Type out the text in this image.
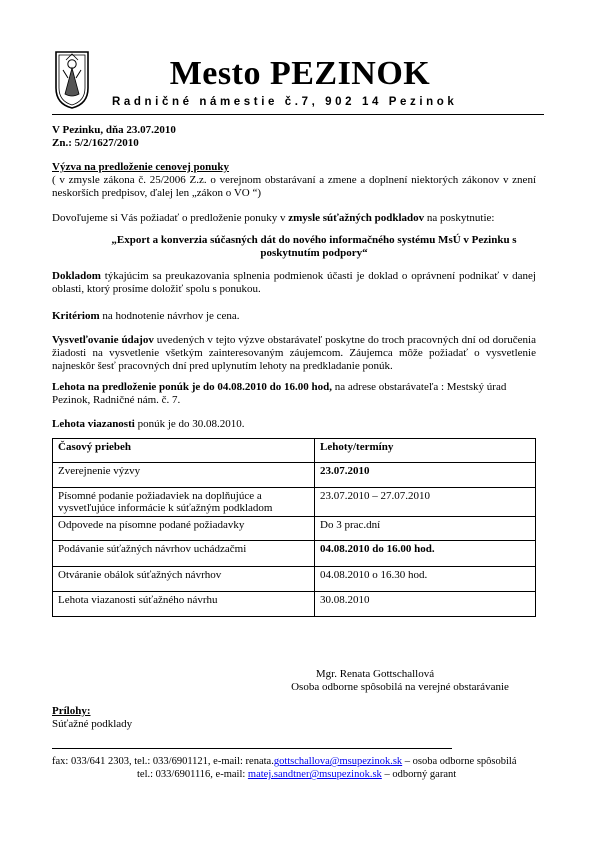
Mesto PEZINOK
Radničné námestie č.7, 902 14 Pezinok
V Pezinku, dňa 23.07.2010
Zn.: 5/2/1627/2010
Výzva na predloženie cenovej ponuky
( v zmysle zákona č. 25/2006 Z.z. o verejnom obstarávaní a zmene a doplnení niektorých zákonov v znení neskorších predpisov, ďalej len „zákon o VO “)
Dovoľujeme si Vás požiadať o predloženie ponuky v zmysle súťažných podkladov na poskytnutie:
„Export a konverzia súčasných dát do nového informačného systému MsÚ v Pezinku s poskytnutím podpory“
Dokladom týkajúcim sa preukazovania splnenia podmienok účasti je doklad o oprávnení podnikať v danej oblasti, ktorý prosíme doložiť spolu s ponukou.
Kritériom na hodnotenie návrhov je cena.
Vysvetľovanie údajov uvedených v tejto výzve obstarávateľ poskytne do troch pracovných dní od doručenia žiadosti na vysvetlenie všetkým zainteresovaným záujemcom. Záujemca môže požiadať o vysvetlenie najneskôr šesť pracovných dní pred uplynutím lehoty na predkladanie ponúk.
Lehota na predloženie ponúk je do 04.08.2010 do 16.00 hod, na adrese obstarávateľa : Mestský úrad Pezinok, Radničné nám. č. 7.
Lehota viazanosti ponúk je do 30.08.2010.
Časový priebeh	Lehoty/termíny
Zverejnenie výzvy	23.07.2010
Písomné podanie požiadaviek na doplňujúce a vysvetľujúce informácie k súťažným podkladom	23.07.2010 – 27.07.2010
Odpovede na písomne podané požiadavky	Do 3 prac.dní
Podávanie súťažných návrhov uchádzačmi	04.08.2010 do 16.00 hod.
Otváranie obálok súťažných návrhov	04.08.2010 o 16.30 hod.
Lehota viazanosti súťažného návrhu	30.08.2010
Mgr. Renata Gottschallová
Osoba odborne spôsobilá na verejné obstarávanie
Prílohy:
Súťažné podklady
fax: 033/641 2303, tel.: 033/6901121, e-mail: renata.gottschallova@msupezinok.sk – osoba odborne spôsobilá
tel.: 033/6901116, e-mail: matej.sandtner@msupezinok.sk – odborný garant
